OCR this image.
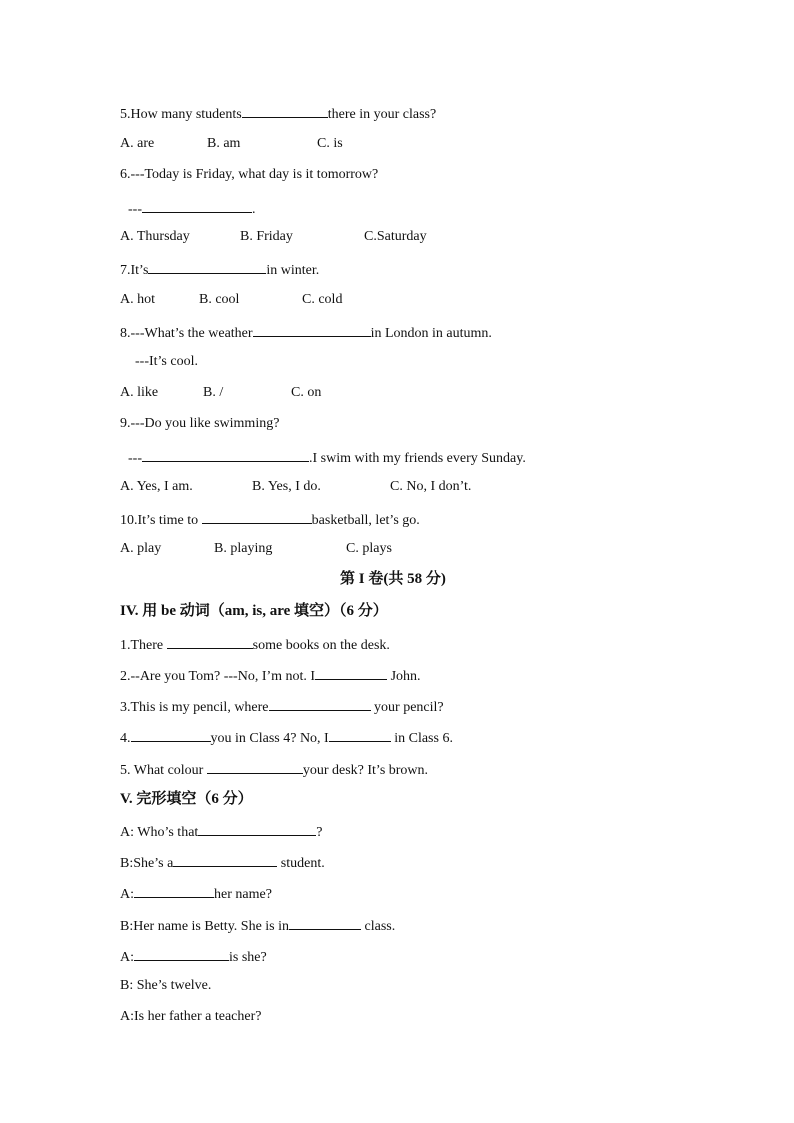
5.How many students	there in your class?
A. are	B. am	C. is
6.---Today is Friday, what day is it tomorrow?
---	.
A. Thursday	B. Friday	C.Saturday
7.It’s	in winter.
A. hot	B. cool	C. cold
8.---What’s the weather	in London in autumn.
---It’s cool.
A. like	B. /	C. on
9.---Do you like swimming?
---	.I swim with my friends every Sunday.
A. Yes, I am.	B. Yes, I do.	C. No, I don’t.
10.It’s time to	basketball, let’s go.
A. play	B. playing	C. plays
第 I 卷(共 58 分)
IV. 用 be 动词（am, is, are 填空）（6 分）
1.There	some books on the desk.
2.--Are you Tom? ---No, I’m not. I	John.
3.This is my pencil, where	your pencil?
4.	you in Class 4? No, I	in Class 6.
5. What colour	your desk? It’s brown.
V. 完形填空（6 分）
A: Who’s that	?
B:She’s a	student.
A:	her name?
B:Her name is Betty. She is in	class.
A:	is she?
B: She’s twelve.
A:Is her father a teacher?
